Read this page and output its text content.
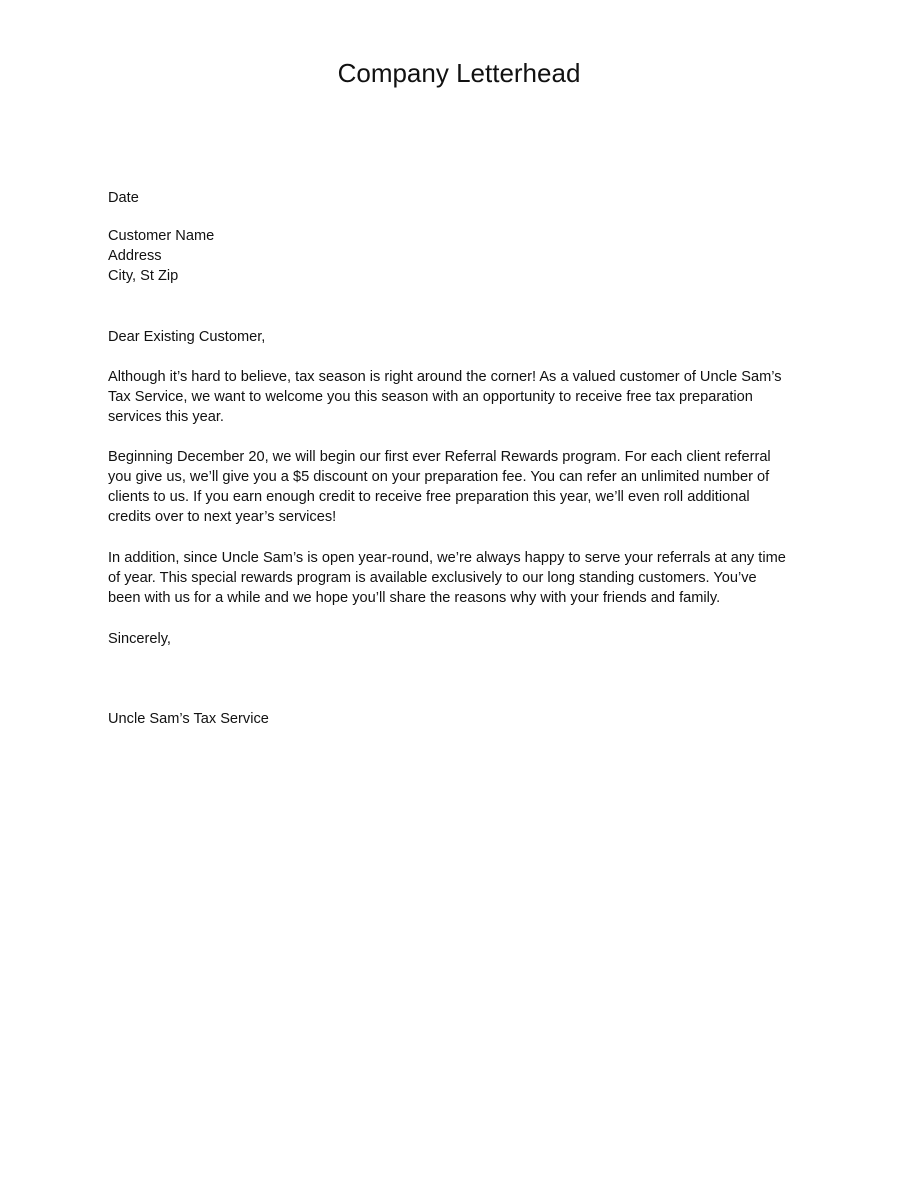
Company Letterhead
Date
Customer Name
Address
City, St Zip
Dear Existing Customer,
Although it’s hard to believe, tax season is right around the corner! As a valued customer of Uncle Sam’s
Tax Service, we want to welcome you this season with an opportunity to receive free tax preparation
services this year.
Beginning December 20, we will begin our first ever Referral Rewards program. For each client referral
you give us, we’ll give you a $5 discount on your preparation fee. You can refer an unlimited number of
clients to us. If you earn enough credit to receive free preparation this year, we’ll even roll additional
credits over to next year’s services!
In addition, since Uncle Sam’s is open year-round, we’re always happy to serve your referrals at any time
of year. This special rewards program is available exclusively to our long standing customers. You’ve
been with us for a while and we hope you’ll share the reasons why with your friends and family.
Sincerely,
Uncle Sam’s Tax Service
